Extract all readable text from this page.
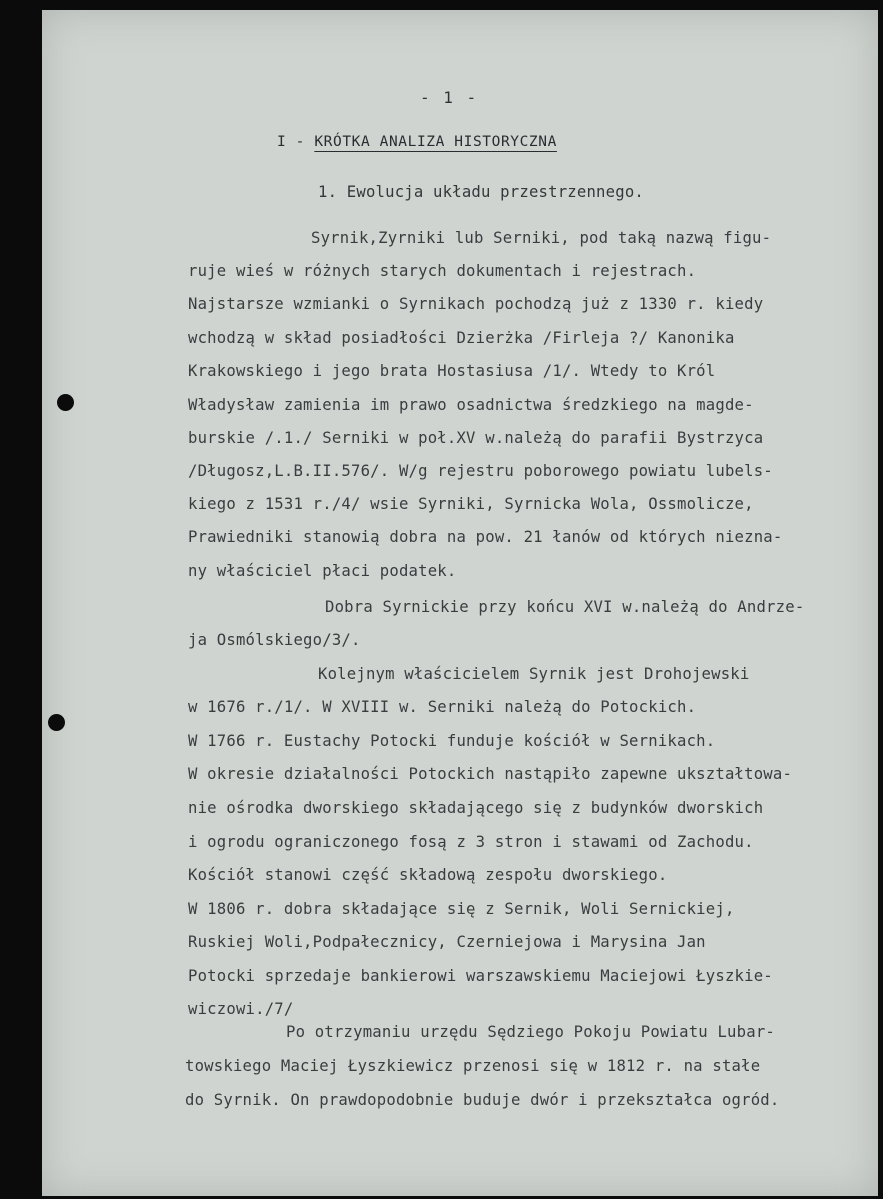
- 1 -
I - KRÓTKA ANALIZA HISTORYCZNA
1. Ewolucja układu przestrzennego.
Syrnik,Zyrniki lub Serniki, pod taką nazwą figu-
ruje wieś w różnych starych dokumentach i rejestrach.
Najstarsze wzmianki o Syrnikach pochodzą już z 1330 r. kiedy
wchodzą w skład posiadłości Dzierżka /Firleja ?/ Kanonika
Krakowskiego i jego brata Hostasiusa /1/. Wtedy to Król
Władysław zamienia im prawo osadnictwa średzkiego na magde-
burskie /.1./ Serniki w poł.XV w.należą do parafii Bystrzyca
/Długosz,L.B.II.576/. W/g rejestru poborowego powiatu lubels-
kiego z 1531 r./4/ wsie Syrniki, Syrnicka Wola, Ossmolicze,
Prawiedniki stanowią dobra na pow. 21 łanów od których niezna-
ny właściciel płaci podatek.
Dobra Syrnickie przy końcu XVI w.należą do Andrze-
ja Osmólskiego/3/.
Kolejnym właścicielem Syrnik jest Drohojewski
w 1676 r./1/. W XVIII w. Serniki należą do Potockich.
W 1766 r. Eustachy Potocki funduje kościół w Sernikach.
W okresie działalności Potockich nastąpiło zapewne ukształtowa-
nie ośrodka dworskiego składającego się z budynków dworskich
i ogrodu ograniczonego fosą z 3 stron i stawami od Zachodu.
Kościół stanowi część składową zespołu dworskiego.
W 1806 r. dobra składające się z Sernik, Woli Sernickiej,
Ruskiej Woli,Podpałecznicy, Czerniejowa i Marysina Jan
Potocki sprzedaje bankierowi warszawskiemu Maciejowi Łyszkie-
wiczowi./7/
Po otrzymaniu urzędu Sędziego Pokoju Powiatu Lubar-
towskiego Maciej Łyszkiewicz przenosi się w 1812 r. na stałe
do Syrnik. On prawdopodobnie buduje dwór i przekształca ogród.
